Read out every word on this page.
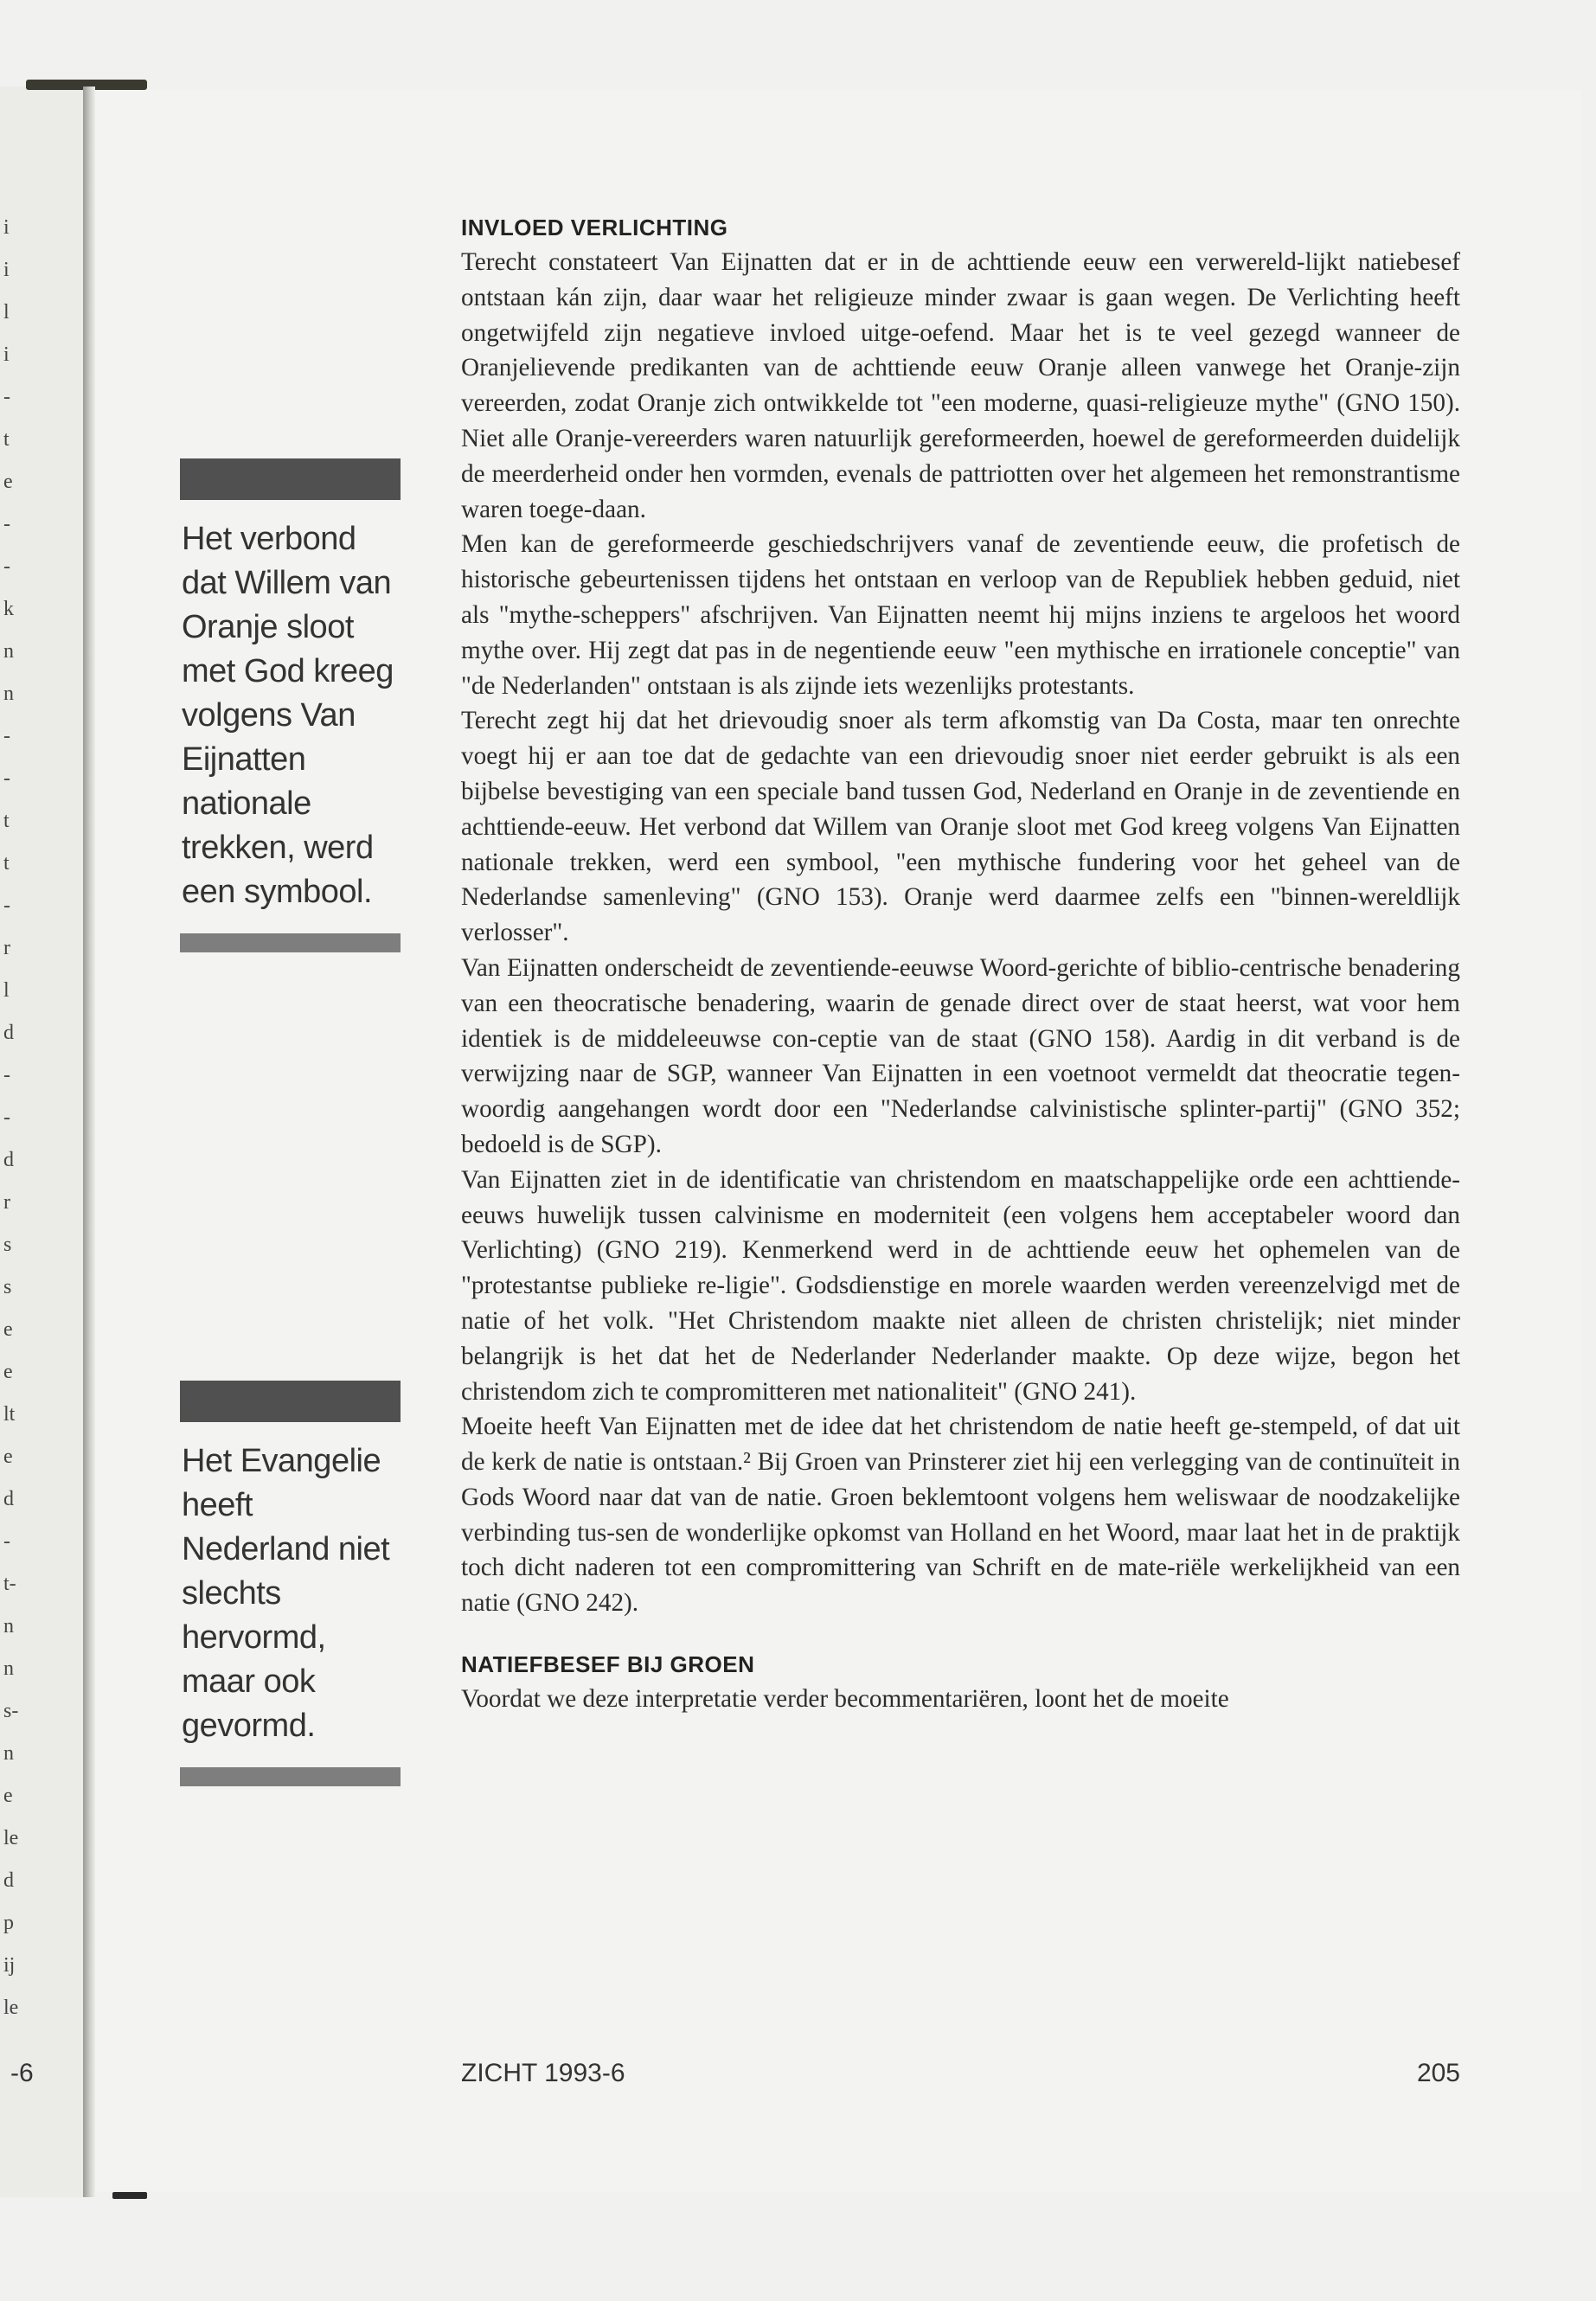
i
i
l
i
-
t
e
-
-
k
n
n
-
-
t
t
-
r
l
d
-
-
d
r
s
s
e
e
lt
e
d
-
t-
n
n
s-
n
e
le
d
p
ij
le
Het verbond dat Willem van Oranje sloot met God kreeg volgens Van Eijnatten nationale trekken, werd een symbool.
Het Evangelie heeft Nederland niet slechts hervormd, maar ook gevormd.
INVLOED VERLICHTING

Terecht constateert Van Eijnatten dat er in de achttiende eeuw een verwereld-lijkt natiebesef ontstaan kán zijn, daar waar het religieuze minder zwaar is gaan wegen. De Verlichting heeft ongetwijfeld zijn negatieve invloed uitge-oefend. Maar het is te veel gezegd wanneer de Oranjelievende predikanten van de achttiende eeuw Oranje alleen vanwege het Oranje-zijn vereerden, zodat Oranje zich ontwikkelde tot "een moderne, quasi-religieuze mythe" (GNO 150). Niet alle Oranje-vereerders waren natuurlijk gereformeerden, hoewel de gereformeerden duidelijk de meerderheid onder hen vormden, evenals de pattriotten over het algemeen het remonstrantisme waren toege-daan.

Men kan de gereformeerde geschiedschrijvers vanaf de zeventiende eeuw, die profetisch de historische gebeurtenissen tijdens het ontstaan en verloop van de Republiek hebben geduid, niet als "mythe-scheppers" afschrijven. Van Eijnatten neemt hij mijns inziens te argeloos het woord mythe over. Hij zegt dat pas in de negentiende eeuw "een mythische en irrationele conceptie" van "de Nederlanden" ontstaan is als zijnde iets wezenlijks protestants.

Terecht zegt hij dat het drievoudig snoer als term afkomstig van Da Costa, maar ten onrechte voegt hij er aan toe dat de gedachte van een drievoudig snoer niet eerder gebruikt is als een bijbelse bevestiging van een speciale band tussen God, Nederland en Oranje in de zeventiende en achttiende-eeuw. Het verbond dat Willem van Oranje sloot met God kreeg volgens Van Eijnatten nationale trekken, werd een symbool, "een mythische fundering voor het geheel van de Nederlandse samenleving" (GNO 153). Oranje werd daarmee zelfs een "binnen-wereldlijk verlosser".

Van Eijnatten onderscheidt de zeventiende-eeuwse Woord-gerichte of biblio-centrische benadering van een theocratische benadering, waarin de genade direct over de staat heerst, wat voor hem identiek is de middeleeuwse con-ceptie van de staat (GNO 158). Aardig in dit verband is de verwijzing naar de SGP, wanneer Van Eijnatten in een voetnoot vermeldt dat theocratie tegen-woordig aangehangen wordt door een "Nederlandse calvinistische splinter-partij" (GNO 352; bedoeld is de SGP).

Van Eijnatten ziet in de identificatie van christendom en maatschappelijke orde een achttiende-eeuws huwelijk tussen calvinisme en moderniteit (een volgens hem acceptabeler woord dan Verlichting) (GNO 219). Kenmerkend werd in de achttiende eeuw het ophemelen van de "protestantse publieke re-ligie". Godsdienstige en morele waarden werden vereenzelvigd met de natie of het volk. "Het Christendom maakte niet alleen de christen christelijk; niet minder belangrijk is het dat het de Nederlander Nederlander maakte. Op deze wijze, begon het christendom zich te compromitteren met nationaliteit" (GNO 241).

Moeite heeft Van Eijnatten met de idee dat het christendom de natie heeft ge-stempeld, of dat uit de kerk de natie is ontstaan.² Bij Groen van Prinsterer ziet hij een verlegging van de continuïteit in Gods Woord naar dat van de natie. Groen beklemtoont volgens hem weliswaar de noodzakelijke verbinding tus-sen de wonderlijke opkomst van Holland en het Woord, maar laat het in de praktijk toch dicht naderen tot een compromittering van Schrift en de mate-riële werkelijkheid van een natie (GNO 242).

NATIEFBESEF BIJ GROEN

Voordat we deze interpretatie verder becommentariëren, loont het de moeite

-6	ZICHT 1993-6	205
